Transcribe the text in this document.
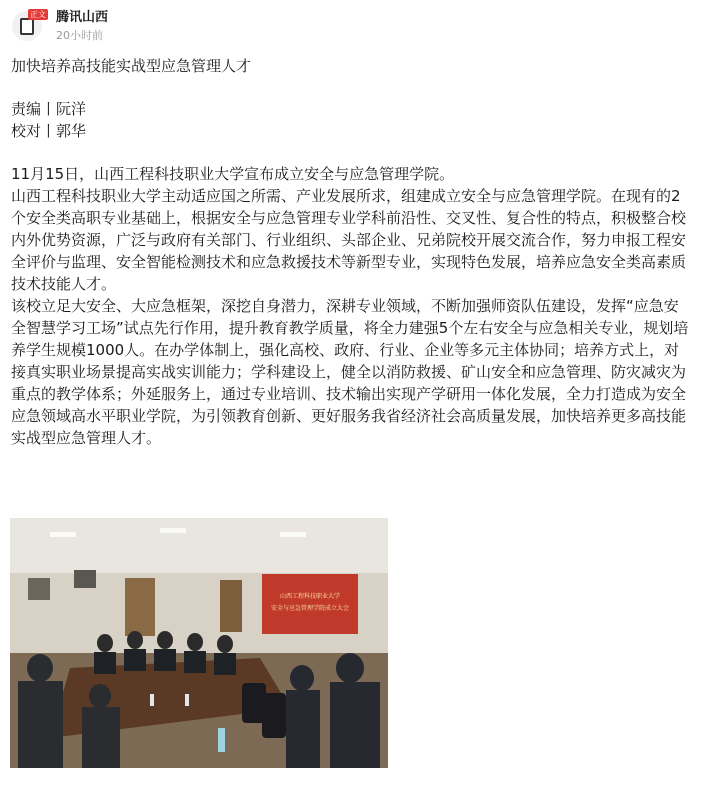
正文 腾讯山西
20小时前

加快培养高技能实战型应急管理人才

责编丨阮洋

校对丨郭华

11月15日，山西工程科技职业大学宣布成立安全与应急管理学院。

山西工程科技职业大学主动适应国之所需、产业发展所求，组建成立安全与应急管理学院。在现有的2个安全类高职专业基础上，根据安全与应急管理专业学科前沿性、交叉性、复合性的特点，积极整合校内外优势资源，广泛与政府有关部门、行业组织、头部企业、兄弟院校开展交流合作，努力申报工程安全评价与监理、安全智能检测技术和应急救援技术等新型专业，实现特色发展，培养应急安全类高素质技术技能人才。

该校立足大安全、大应急框架，深挖自身潜力，深耕专业领域，不断加强师资队伍建设，发挥“应急安全智慧学习工场”试点先行作用，提升教育教学质量，将全力建强5个左右安全与应急相关专业，规划培养学生规模1000人。在办学体制上，强化高校、政府、行业、企业等多元主体协同；培养方式上，对接真实职业场景提高实战实训能力；学科建设上，健全以消防救援、矿山安全和应急管理、防灾减灾为重点的教学体系；外延服务上，通过专业培训、技术输出实现产学研用一体化发展，全力打造成为安全应急领域高水平职业学院，为引领教育创新、更好服务我省经济社会高质量发展，加快培养更多高技能实战型应急管理人才。

山西工程科技职业大学
安全与应急管理学院成立大会
